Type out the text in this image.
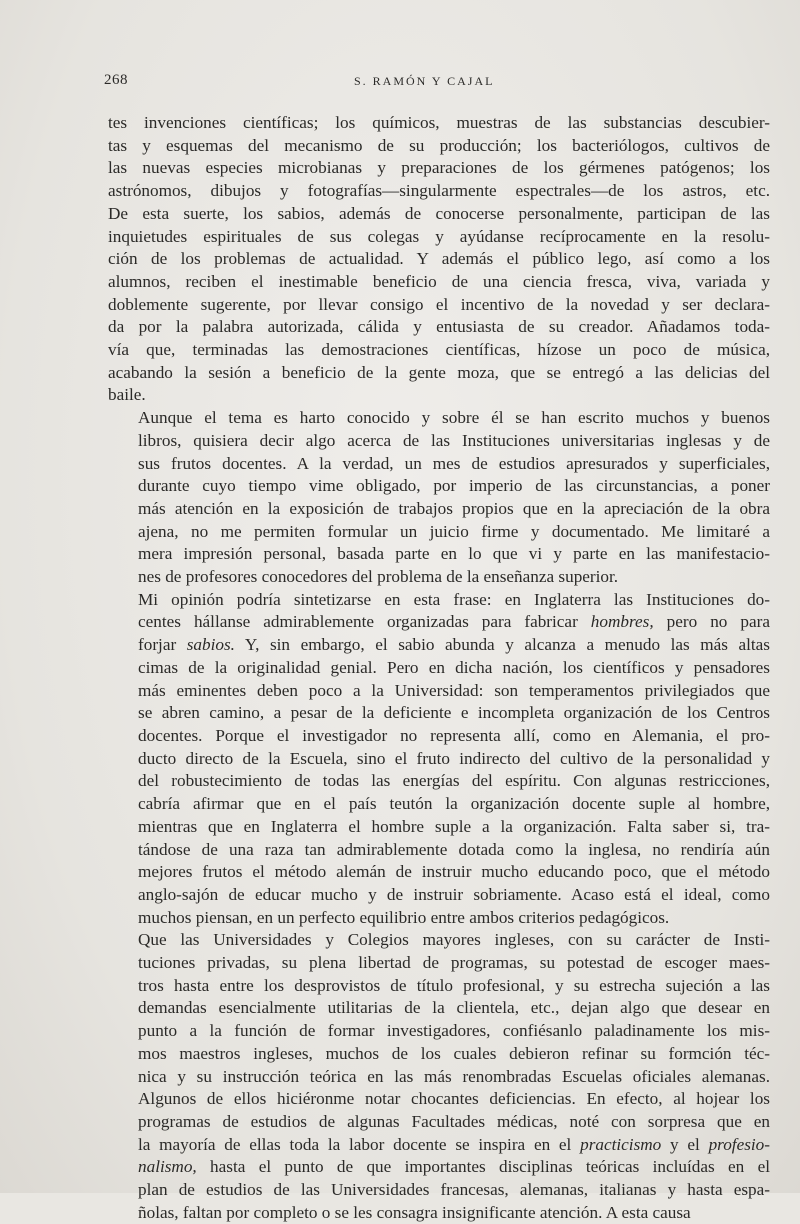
268	S. RAMÓN Y CAJAL

tes invenciones científicas; los químicos, muestras de las substancias descubier-
tas y esquemas del mecanismo de su producción; los bacteriólogos, cultivos de
las nuevas especies microbianas y preparaciones de los gérmenes patógenos; los
astrónomos, dibujos y fotografías—singularmente espectrales—de los astros, etc.
De esta suerte, los sabios, además de conocerse personalmente, participan de las
inquietudes espirituales de sus colegas y ayúdanse recíprocamente en la resolu-
ción de los problemas de actualidad. Y además el público lego, así como a los
alumnos, reciben el inestimable beneficio de una ciencia fresca, viva, variada y
doblemente sugerente, por llevar consigo el incentivo de la novedad y ser declara-
da por la palabra autorizada, cálida y entusiasta de su creador. Añadamos toda-
vía que, terminadas las demostraciones científicas, hízose un poco de música,
acabando la sesión a beneficio de la gente moza, que se entregó a las delicias del
baile.

Aunque el tema es harto conocido y sobre él se han escrito muchos y buenos
libros, quisiera decir algo acerca de las Instituciones universitarias inglesas y de
sus frutos docentes. A la verdad, un mes de estudios apresurados y superficiales,
durante cuyo tiempo vime obligado, por imperio de las circunstancias, a poner
más atención en la exposición de trabajos propios que en la apreciación de la obra
ajena, no me permiten formular un juicio firme y documentado. Me limitaré a
mera impresión personal, basada parte en lo que vi y parte en las manifestacio-
nes de profesores conocedores del problema de la enseñanza superior.

Mi opinión podría sintetizarse en esta frase: en Inglaterra las Instituciones do-
centes hállanse admirablemente organizadas para fabricar hombres, pero no para
forjar sabios. Y, sin embargo, el sabio abunda y alcanza a menudo las más altas
cimas de la originalidad genial. Pero en dicha nación, los científicos y pensadores
más eminentes deben poco a la Universidad: son temperamentos privilegiados que
se abren camino, a pesar de la deficiente e incompleta organización de los Centros
docentes. Porque el investigador no representa allí, como en Alemania, el pro-
ducto directo de la Escuela, sino el fruto indirecto del cultivo de la personalidad y
del robustecimiento de todas las energías del espíritu. Con algunas restricciones,
cabría afirmar que en el país teutón la organización docente suple al hombre,
mientras que en Inglaterra el hombre suple a la organización. Falta saber si, tra-
tándose de una raza tan admirablemente dotada como la inglesa, no rendiría aún
mejores frutos el método alemán de instruir mucho educando poco, que el método
anglo-sajón de educar mucho y de instruir sobriamente. Acaso está el ideal, como
muchos piensan, en un perfecto equilibrio entre ambos criterios pedagógicos.

Que las Universidades y Colegios mayores ingleses, con su carácter de Insti-
tuciones privadas, su plena libertad de programas, su potestad de escoger maes-
tros hasta entre los desprovistos de título profesional, y su estrecha sujeción a las
demandas esencialmente utilitarias de la clientela, etc., dejan algo que desear en
punto a la función de formar investigadores, confiésanlo paladinamente los mis-
mos maestros ingleses, muchos de los cuales debieron refinar su formción téc-
nica y su instrucción teórica en las más renombradas Escuelas oficiales alemanas.
Algunos de ellos hiciéronme notar chocantes deficiencias. En efecto, al hojear los
programas de estudios de algunas Facultades médicas, noté con sorpresa que en
la mayoría de ellas toda la labor docente se inspira en el practicismo y el profesio-
nalismo, hasta el punto de que importantes disciplinas teóricas incluídas en el
plan de estudios de las Universidades francesas, alemanas, italianas y hasta espa-
ñolas, faltan por completo o se les consagra insignificante atención. A esta causa
